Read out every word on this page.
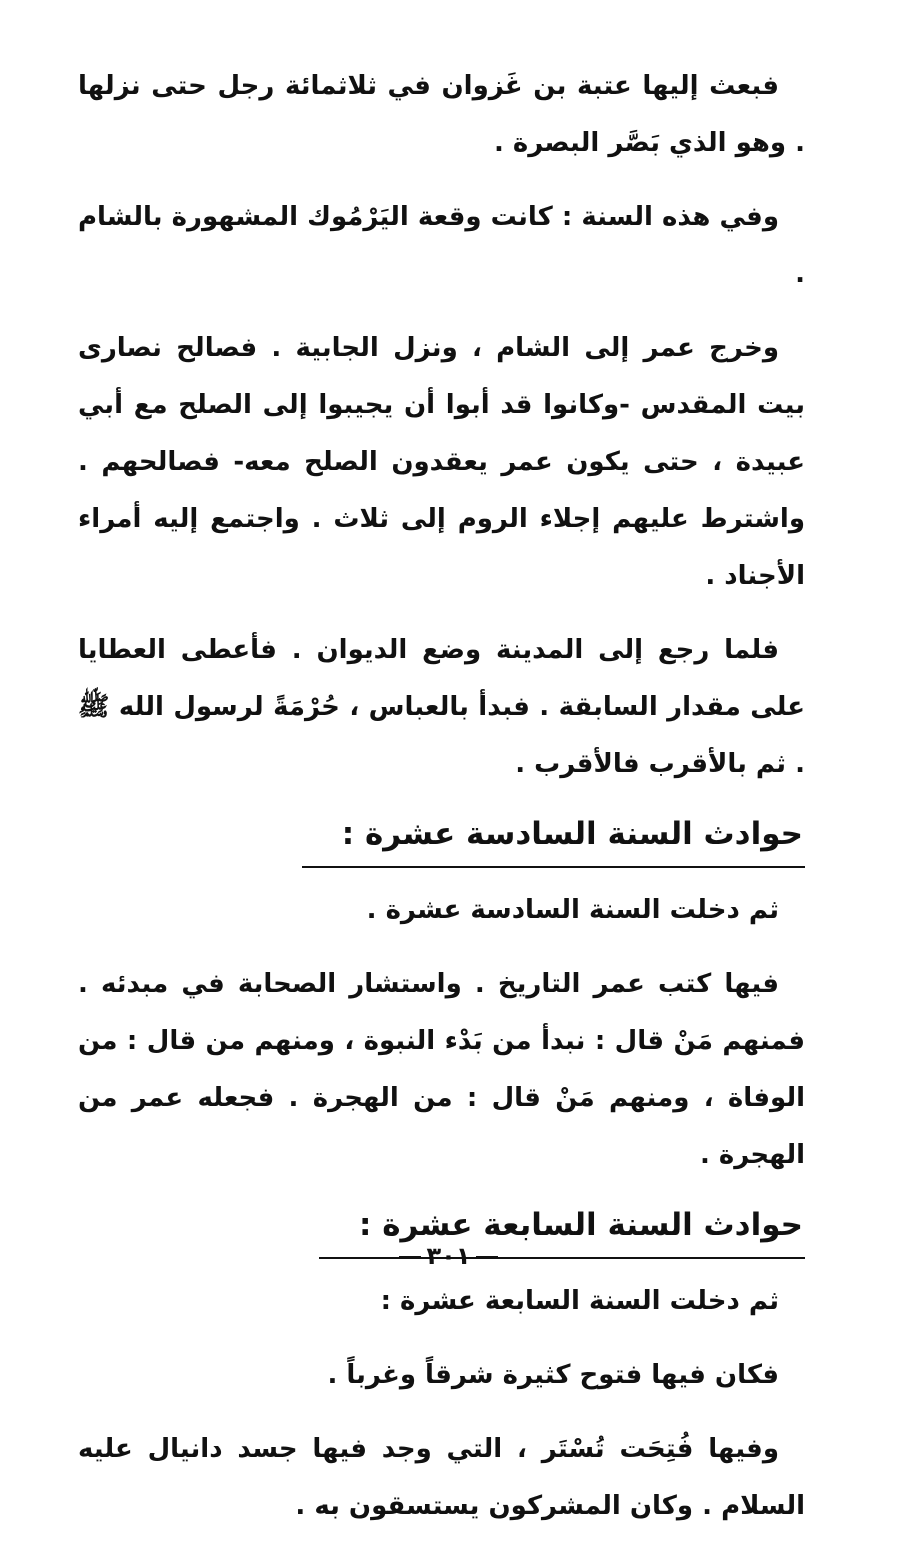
فبعث إليها عتبة بن غَزوان في ثلاثمائة رجل حتى نزلها . وهو الذي بَصَّر البصرة .

وفي هذه السنة : كانت وقعة اليَرْمُوك المشهورة بالشام .

وخرج عمر إلى الشام ، ونزل الجابية . فصالح نصارى بيت المقدس -وكانوا قد أبوا أن يجيبوا إلى الصلح مع أبي عبيدة ، حتى يكون عمر يعقدون الصلح معه- فصالحهم . واشترط عليهم إجلاء الروم إلى ثلاث . واجتمع إليه أمراء الأجناد .

فلما رجع إلى المدينة وضع الديوان . فأعطى العطايا على مقدار السابقة . فبدأ بالعباس ، حُرْمَةً لرسول الله ﷺ . ثم بالأقرب فالأقرب .

حوادث السنة السادسة عشرة :

ثم دخلت السنة السادسة عشرة .

فيها كتب عمر التاريخ . واستشار الصحابة في مبدئه . فمنهم مَنْ قال : نبدأ من بَدْء النبوة ، ومنهم من قال : من الوفاة ، ومنهم مَنْ قال : من الهجرة . فجعله عمر من الهجرة .

حوادث السنة السابعة عشرة :

ثم دخلت السنة السابعة عشرة :

فكان فيها فتوح كثيرة شرقاً وغرباً .

وفيها فُتِحَت تُسْتَر ، التي وجد فيها جسد دانيال عليه السلام . وكان المشركون يستسقون به .

٣٠١
